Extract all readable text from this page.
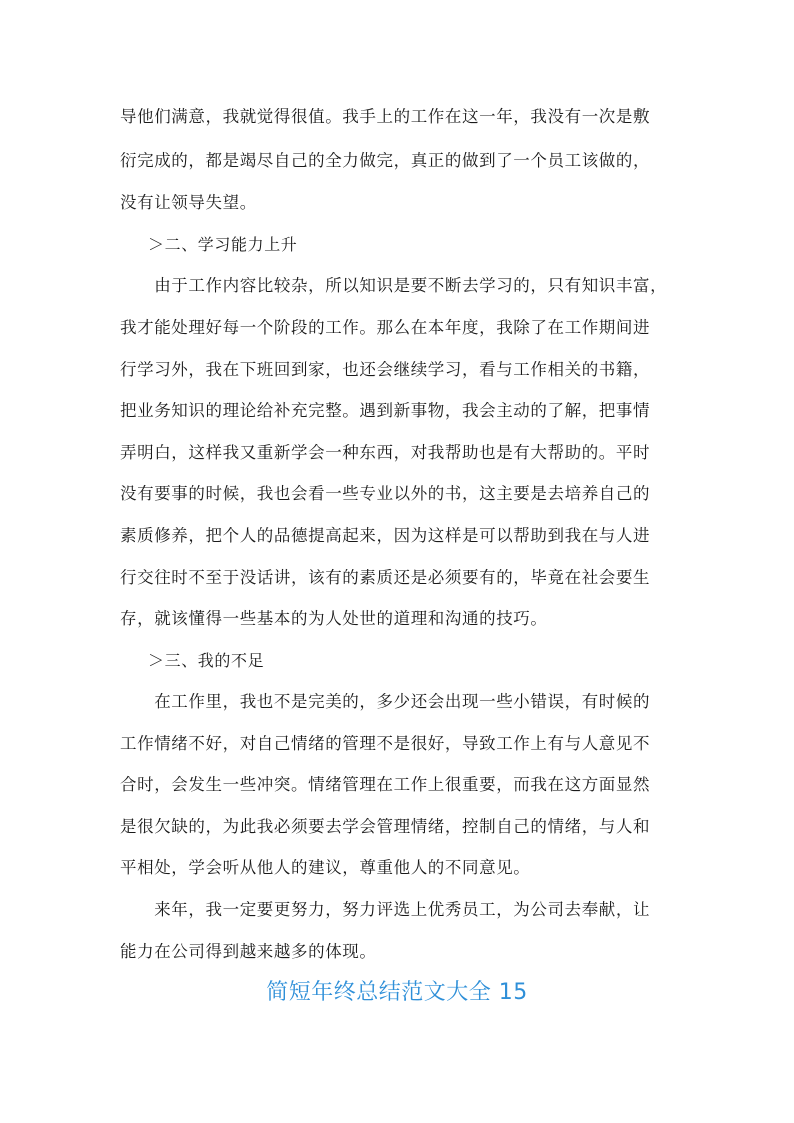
导他们满意，我就觉得很值。我手上的工作在这一年，我没有一次是敷
衍完成的，都是竭尽自己的全力做完，真正的做到了一个员工该做的，
没有让领导失望。
＞二、学习能力上升
　　由于工作内容比较杂，所以知识是要不断去学习的，只有知识丰富，
我才能处理好每一个阶段的工作。那么在本年度，我除了在工作期间进
行学习外，我在下班回到家，也还会继续学习，看与工作相关的书籍，
把业务知识的理论给补充完整。遇到新事物，我会主动的了解，把事情
弄明白，这样我又重新学会一种东西，对我帮助也是有大帮助的。平时
没有要事的时候，我也会看一些专业以外的书，这主要是去培养自己的
素质修养，把个人的品德提高起来，因为这样是可以帮助到我在与人进
行交往时不至于没话讲，该有的素质还是必须要有的，毕竟在社会要生
存，就该懂得一些基本的为人处世的道理和沟通的技巧。
＞三、我的不足
　　在工作里，我也不是完美的，多少还会出现一些小错误，有时候的
工作情绪不好，对自己情绪的管理不是很好，导致工作上有与人意见不
合时，会发生一些冲突。情绪管理在工作上很重要，而我在这方面显然
是很欠缺的，为此我必须要去学会管理情绪，控制自己的情绪，与人和
平相处，学会听从他人的建议，尊重他人的不同意见。
　　来年，我一定要更努力，努力评选上优秀员工，为公司去奉献，让
能力在公司得到越来越多的体现。
简短年终总结范文大全 15
